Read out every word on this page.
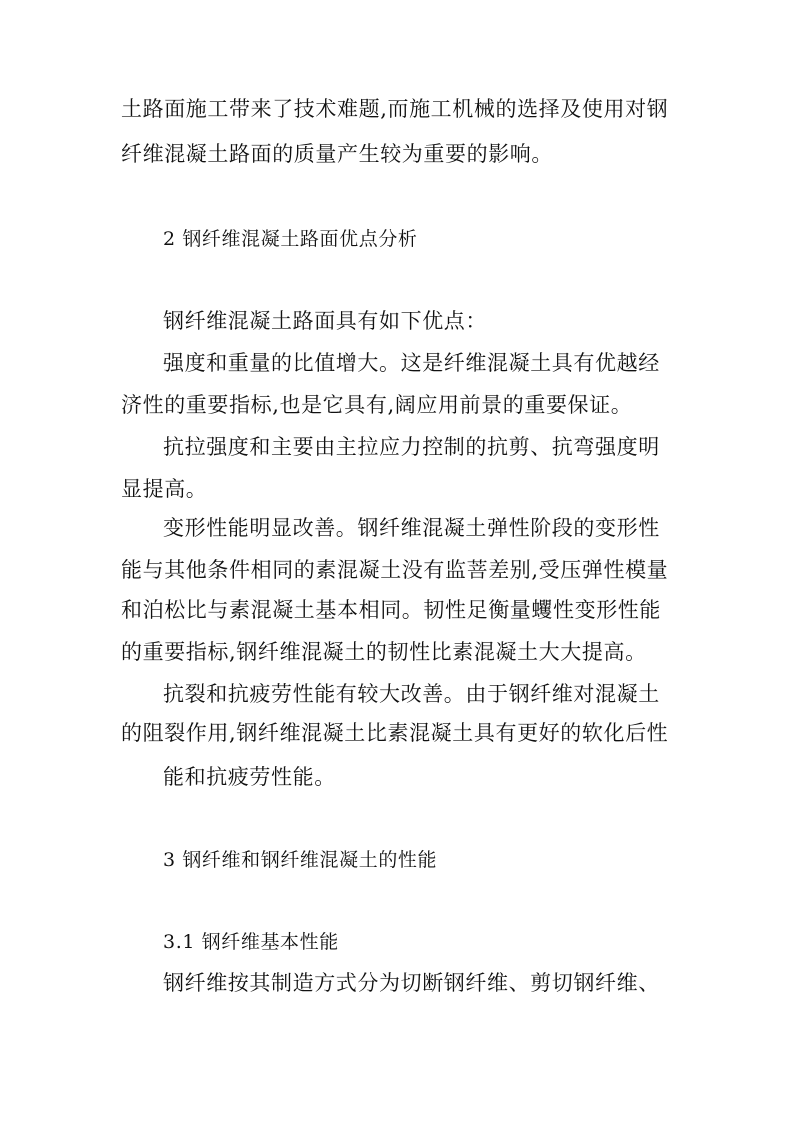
土路面施工带来了技术难题,而施工机械的选择及使用对钢

纤维混凝土路面的质量产生较为重要的影响。

2 钢纤维混凝土路面优点分析

钢纤维混凝土路面具有如下优点：

强度和重量的比值增大。这是纤维混凝土具有优越经

济性的重要指标,也是它具有,阔应用前景的重要保证。

抗拉强度和主要由主拉应力控制的抗剪、抗弯强度明

显提高。

变形性能明显改善。钢纤维混凝土弹性阶段的变形性

能与其他条件相同的素混凝土没有监菩差别,受压弹性模量

和泊松比与素混凝土基本相同。韧性足衡量蠼性变形性能

的重要指标,钢纤维混凝土的韧性比素混凝土大大提高。

抗裂和抗疲劳性能有较大改善。由于钢纤维对混凝土

的阻裂作用,钢纤维混凝土比素混凝土具有更好的软化后性

能和抗疲劳性能。

3 钢纤维和钢纤维混凝土的性能

3.1 钢纤维基本性能

钢纤维按其制造方式分为切断钢纤维、剪切钢纤维、
